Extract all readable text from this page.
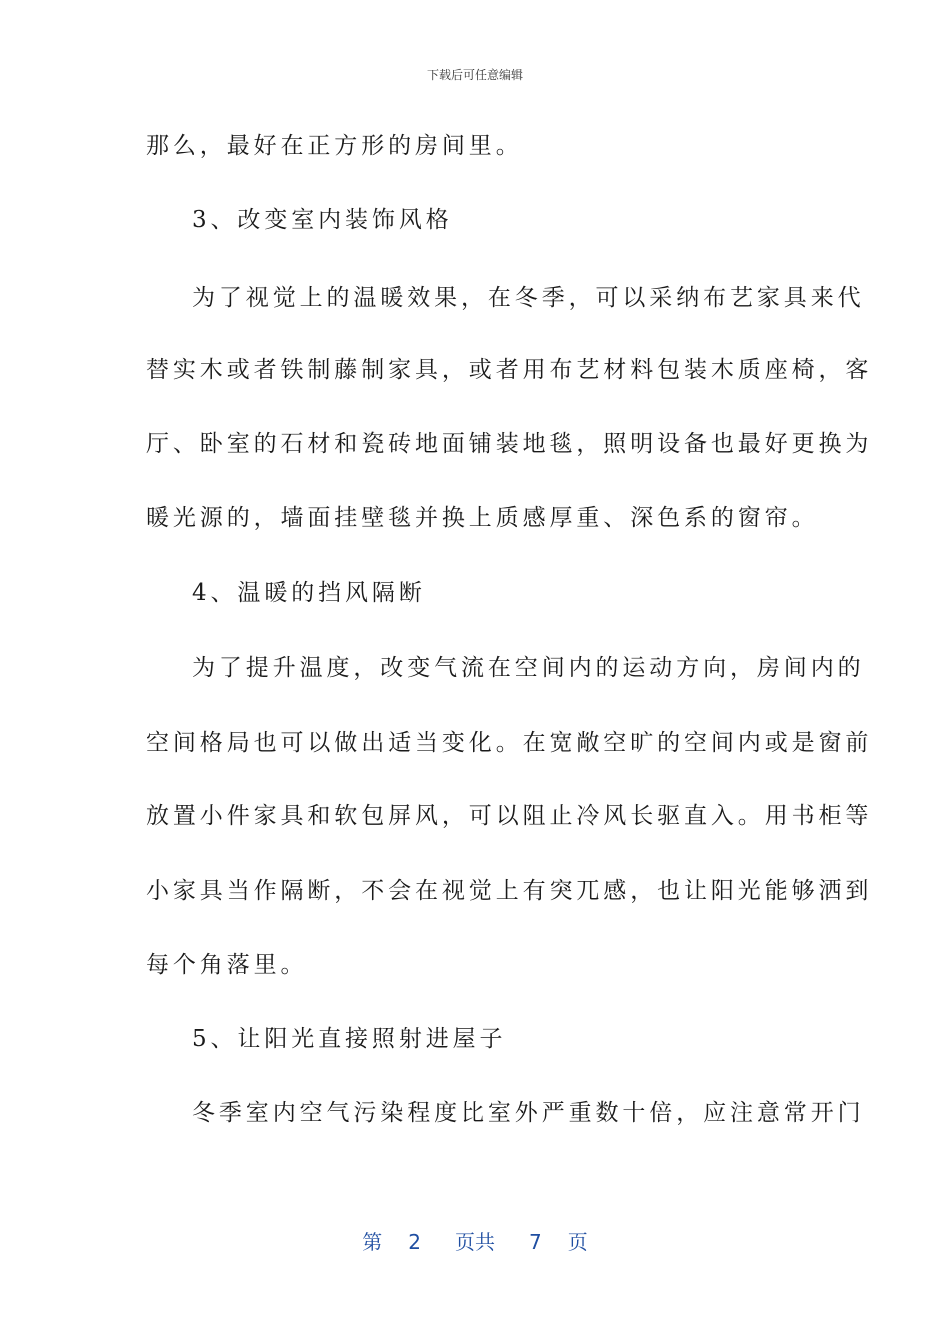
下载后可任意编辑
那么，最好在正方形的房间里。
3、改变室内装饰风格
为了视觉上的温暖效果，在冬季，可以采纳布艺家具来代
替实木或者铁制藤制家具，或者用布艺材料包装木质座椅，客
厅、卧室的石材和瓷砖地面铺装地毯，照明设备也最好更换为
暖光源的，墙面挂壁毯并换上质感厚重、深色系的窗帘。
4、温暖的挡风隔断
为了提升温度，改变气流在空间内的运动方向，房间内的
空间格局也可以做出适当变化。在宽敞空旷的空间内或是窗前
放置小件家具和软包屏风，可以阻止冷风长驱直入。用书柜等
小家具当作隔断，不会在视觉上有突兀感，也让阳光能够洒到
每个角落里。
5、让阳光直接照射进屋子
冬季室内空气污染程度比室外严重数十倍，应注意常开门
第 2 页共 7 页
